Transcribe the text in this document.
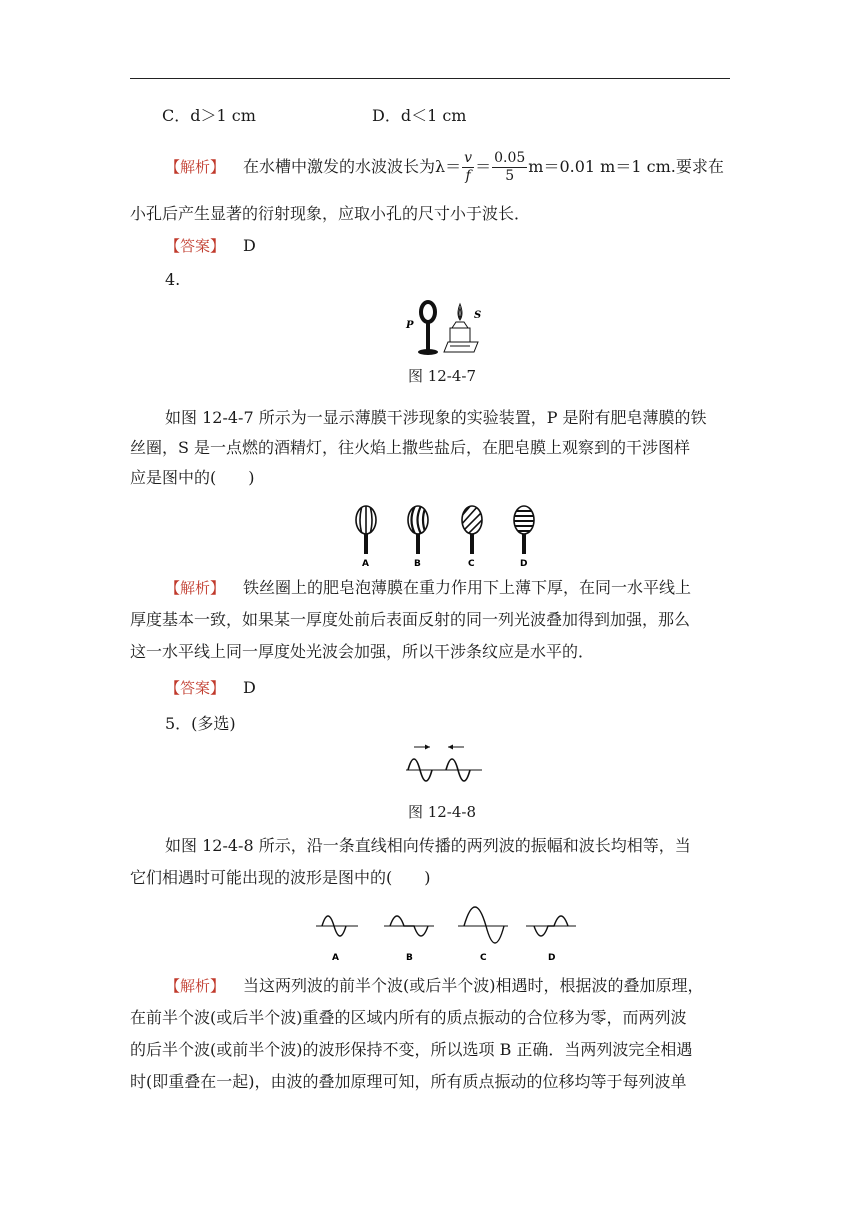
C．d＞1 cm	D．d＜1 cm
【解析】 在水槽中激发的水波波长为$\lambda= \frac{v}{f} = \frac{0.05}{5} m=0.01$ m＝1 cm.要求在
小孔后产生显著的衍射现象，应取小孔的尺寸小于波长．
【答案】 D
4.
P
S
图 12-4-7
如图 12-4-7 所示为一显示薄膜干涉现象的实验装置，P 是附有肥皂薄膜的铁
丝圈，S 是一点燃的酒精灯，往火焰上撒些盐后，在肥皂膜上观察到的干涉图样
应是图中的(　　)
A	B	C	D
【解析】 铁丝圈上的肥皂泡薄膜在重力作用下上薄下厚，在同一水平线上
厚度基本一致，如果某一厚度处前后表面反射的同一列光波叠加得到加强，那么
这一水平线上同一厚度处光波会加强，所以干涉条纹应是水平的．
【答案】 D
5．(多选)
图 12-4-8
如图 12-4-8 所示，沿一条直线相向传播的两列波的振幅和波长均相等，当
它们相遇时可能出现的波形是图中的(　　)
A	B	C	D
【解析】 当这两列波的前半个波(或后半个波)相遇时，根据波的叠加原理，
在前半个波(或后半个波)重叠的区域内所有的质点振动的合位移为零，而两列波
的后半个波(或前半个波)的波形保持不变，所以选项 B 正确．当两列波完全相遇
时(即重叠在一起)，由波的叠加原理可知，所有质点振动的位移均等于每列波单
